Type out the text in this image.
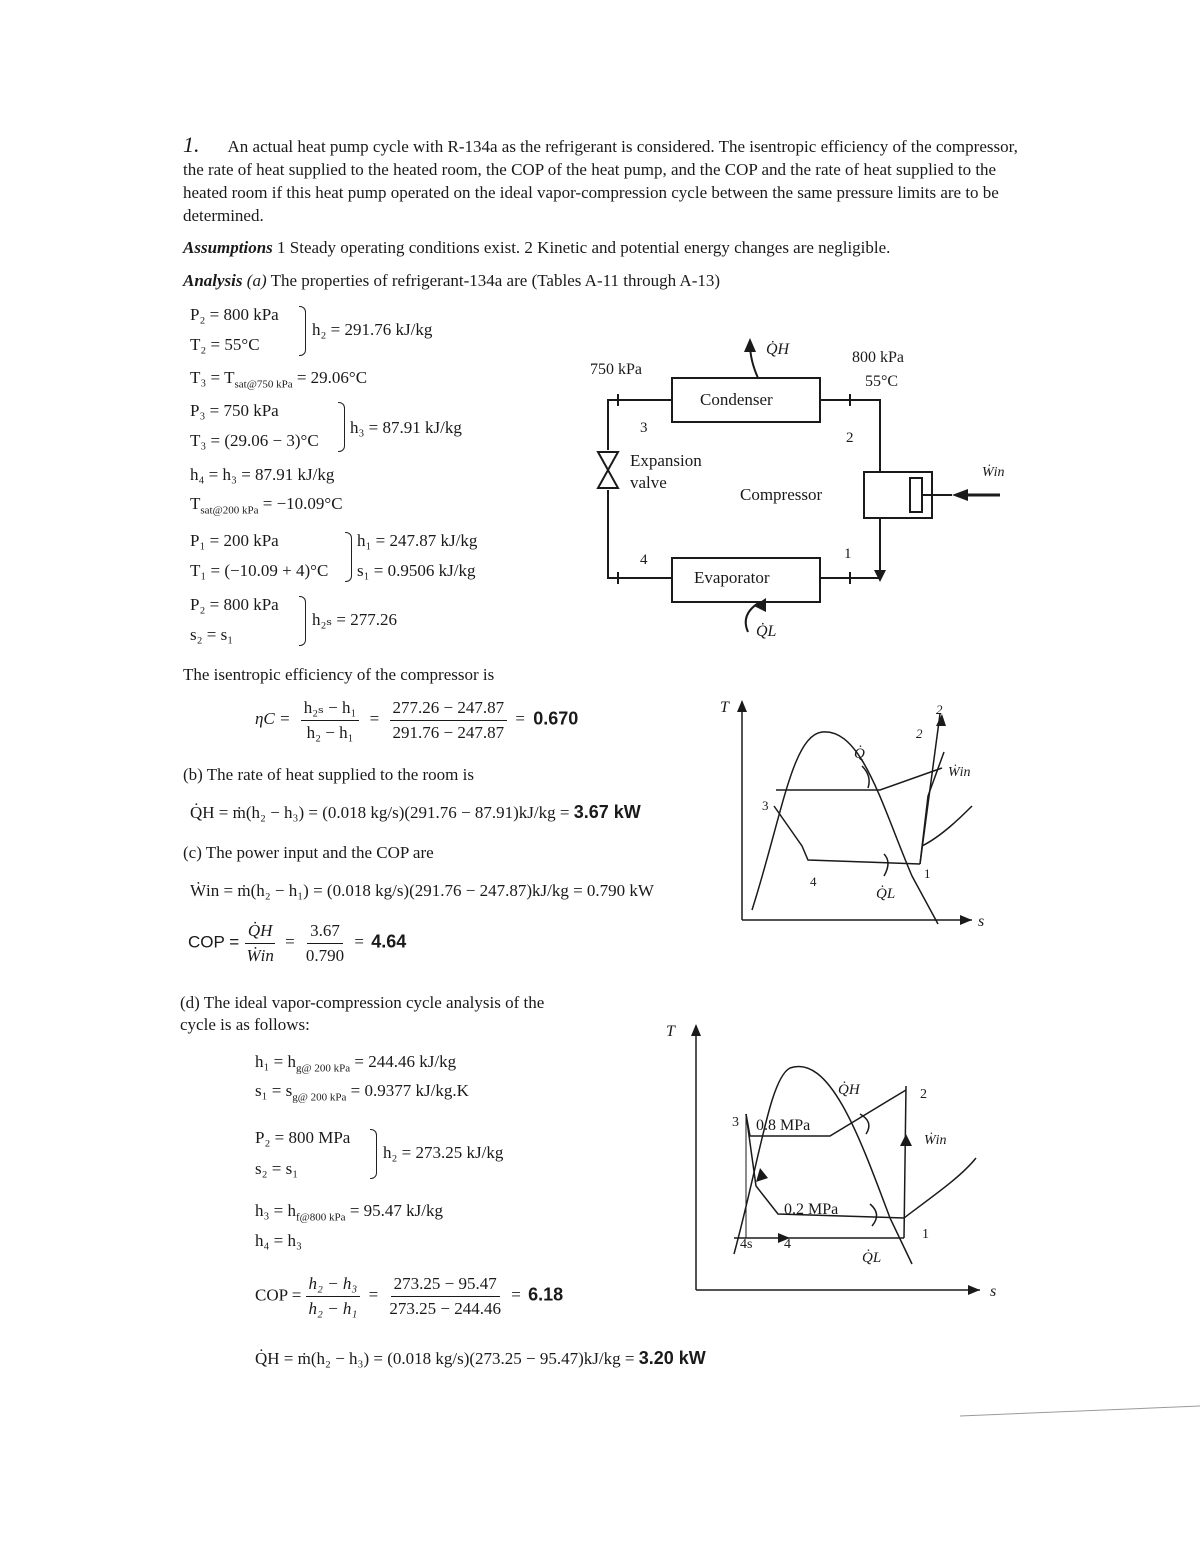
1. An actual heat pump cycle with R-134a as the refrigerant is considered. The isentropic efficiency of the compressor, the rate of heat supplied to the heated room, the COP of the heat pump, and the COP and the rate of heat supplied to the heated room if this heat pump operated on the ideal vapor-compression cycle between the same pressure limits are to be determined.
Assumptions 1 Steady operating conditions exist. 2 Kinetic and potential energy changes are negligible.
Analysis (a) The properties of refrigerant-134a are (Tables A-11 through A-13)
P₂ = 800 kPa
T₂ = 55°C
h₂ = 291.76 kJ/kg
$T_3 = T_{sat@750 kPa} = 29.06^\circ C$
P₃ = 750 kPa
T₃ = (29.06 − 3)°C
h₃ = 87.91 kJ/kg
h₄ = h₃ = 87.91 kJ/kg
$T_{sat@200 kPa} = -10.09^\circ C$
P₁ = 200 kPa
T₁ = (−10.09 + 4)°C
h₁ = 247.87 kJ/kg
s₁ = 0.9506 kJ/kg
P₂ = 800 kPa
s₂ = s₁
h₂ₛ = 277.26
The isentropic efficiency of the compressor is
$\eta C = \frac{\text{h₂ₛ − h₁}}{\text{h₂ − h₁}} = \frac{277.26 - 247.87}{291.76 - 247.87} = 0.670$
(b) The rate of heat supplied to the room is
Q̇H = ṁ(h₂ − h₃) = (0.018 kg/s)(291.76 − 87.91)kJ/kg = 3.67 kW
(c) The power input and the COP are
Ẇin = ṁ(h₂ − h₁) = (0.018 kg/s)(291.76 − 247.87)kJ/kg = 0.790 kW
COP = $\frac{Q̇H}{\text{Ẇin}} = \frac{3.67}{0.790} = 4.64$
(d) The ideal vapor-compression cycle analysis of the
cycle is as follows:
$h_1 = h_{g@ 200 kPa} = 244.46$ kJ/kg
$s_1 = s_{g@ 200 kPa} = 0.9377$ kJ/kg.K
P₂ = 800 MPa
s₂ = s₁
h₂ = 273.25 kJ/kg
$h_3 = h_{f@800 kPa} = 95.47$ kJ/kg
h₄ = h₃
COP = $\frac{\text{h₂ − h₃}}{\text{h₂ − h₁}} = \frac{273.25 - 95.47}{273.25 - 244.46} = 6.18$
Q̇H = ṁ(h₂ − h₃) = (0.018 kg/s)(273.25 − 95.47)kJ/kg = 3.20 kW
750 kPa
800 kPa
55°C
Q̇H
Q̇L
Condenser
Evaporator
Compressor
Expansion
valve
Ẇin
1
2
3
4
T
s
Q̇
Q̇L
Ẇin
1
2
2
3
4
T
s
Q̇H
Q̇L
Ẇin
0.8 MPa
0.2 MPa
1
2
3
4
4s
